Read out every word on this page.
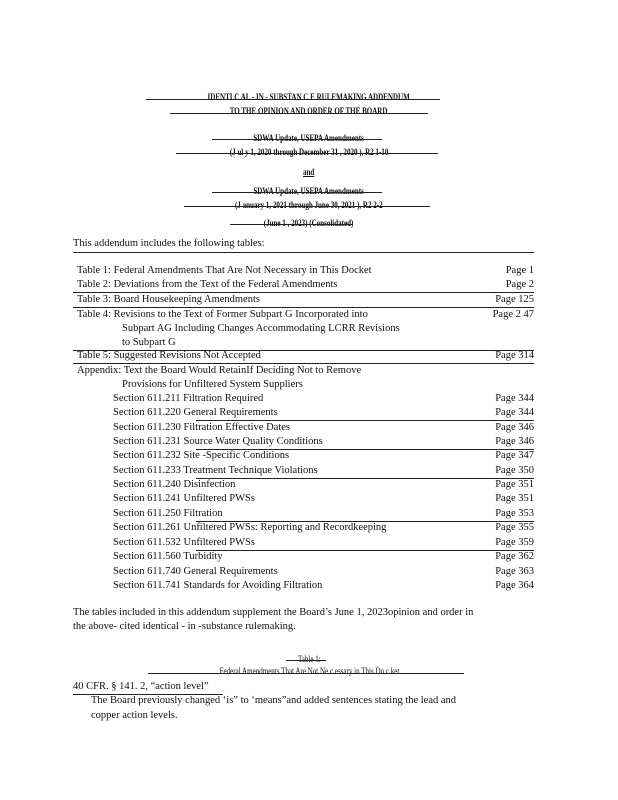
IDENTI C AL - IN - SUBSTAN C E RULEMAKING ADDENDUM
TO THE OPINION AND ORDER OF THE BOARD
SDWA Update, USEPA Amendments
(J ul y 1, 2020 through December 31 , 2020 ), R2 1-10
and
SDWA Update, USEPA Amendments
(J anuary 1, 2021 through June 30, 2021 ), R2 2-2
(June 1 , 2023) (Consolidated)
This addendum includes the following tables:
Table 1: Federal Amendments That Are Not Necessary in This Docket	Page 1
Table 2: Deviations from the Text of the Federal Amendments	Page 2
Table 3: Board Housekeeping Amendments	Page 125
Table 4: Revisions to the Text of Former Subpart G Incorporated into	Page 2 47
Subpart AG Including Changes Accommodating LCRR Revisions
to Subpart G
Table 5: Suggested Revisions Not Accepted	Page 314
Appendix: Text the Board Would RetainIf Deciding Not to Remove
Provisions for Unfiltered System Suppliers
Section 611.211 Filtration Required	Page 344
Section 611.220 General Requirements	Page 344
Section 611.230 Filtration Effective Dates	Page 346
Section 611.231 Source Water Quality Conditions	Page 346
Section 611.232 Site -Specific Conditions	Page 347
Section 611.233 Treatment Technique Violations	Page 350
Section 611.240 Disinfection	Page 351
Section 611.241 Unfiltered PWSs	Page 351
Section 611.250 Filtration	Page 353
Section 611.261 Unfiltered PWSs: Reporting and Recordkeeping	Page 355
Section 611.532 Unfiltered PWSs	Page 359
Section 611.560 Turbidity	Page 362
Section 611.740 General Requirements	Page 363
Section 611.741 Standards for Avoiding Filtration	Page 364
The tables included in this addendum supplement the Board’s June 1, 2023opinion and order in
the above- cited identical - in -substance rulemaking.
Table 1:
Federal Amendments That Are Not Ne c essary in This Do c ket
40 CFR. § 141. 2, “action level”
The Board previously changed ‘is” to ‘means”and added sentences stating the lead and
copper action levels.
